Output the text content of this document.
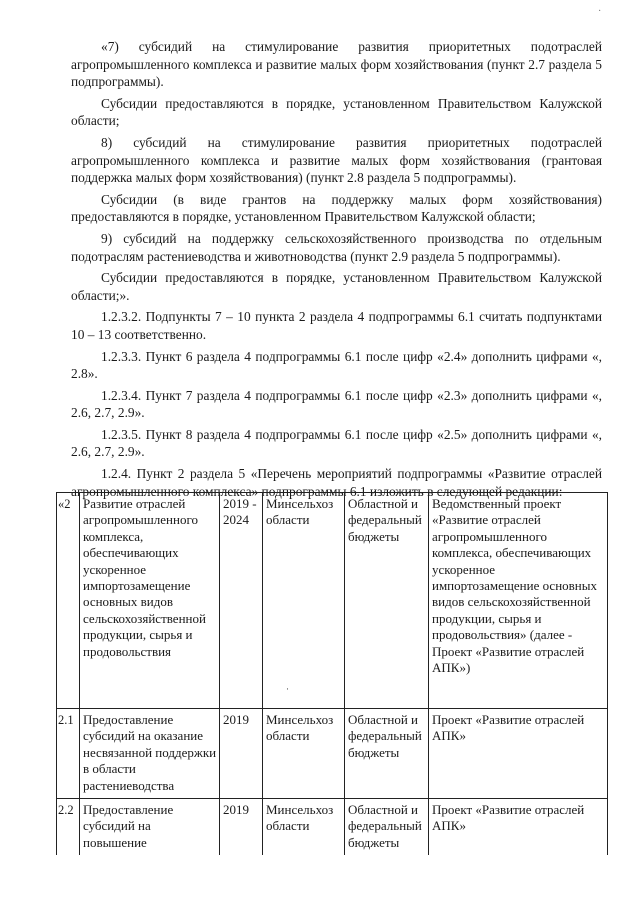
·

«7) субсидий на стимулирование развития приоритетных подотраслей агропромышленного комплекса и развитие малых форм хозяйствования (пункт 2.7 раздела 5 подпрограммы).

Субсидии предоставляются в порядке, установленном Правительством Калужской области;

8) субсидий на стимулирование развития приоритетных подотраслей агропромышленного комплекса и развитие малых форм хозяйствования (грантовая поддержка малых форм хозяйствования) (пункт 2.8 раздела 5 подпрограммы).

Субсидии (в виде грантов на поддержку малых форм хозяйствования) предоставляются в порядке, установленном Правительством Калужской области;

9) субсидий на поддержку сельскохозяйственного производства по отдельным подотраслям растениеводства и животноводства (пункт 2.9 раздела 5 подпрограммы).

Субсидии предоставляются в порядке, установленном Правительством Калужской области;».

1.2.3.2. Подпункты 7 – 10 пункта 2 раздела 4 подпрограммы 6.1 считать подпунктами 10 – 13 соответственно.

1.2.3.3. Пункт 6 раздела 4 подпрограммы 6.1 после цифр «2.4» дополнить цифрами «, 2.8».

1.2.3.4. Пункт 7 раздела 4 подпрограммы 6.1 после цифр «2.3» дополнить цифрами «, 2.6, 2.7, 2.9».

1.2.3.5. Пункт 8 раздела 4 подпрограммы 6.1 после цифр «2.5» дополнить цифрами «, 2.6, 2.7, 2.9».

1.2.4. Пункт 2 раздела 5 «Перечень мероприятий подпрограммы «Развитие отраслей агропромышленного комплекса» подпрограммы 6.1 изложить в следующей редакции:

«2	Развитие отраслей агропромышленного комплекса, обеспечивающих ускоренное импортозамещение основных видов сельскохозяйственной продукции, сырья и продовольствия	2019 - 2024	Минсельхоз области	Областной и федеральный бюджеты	Ведомственный проект «Развитие отраслей агропромышленного комплекса, обеспечивающих ускоренное импортозамещение основных видов сельскохозяйственной продукции, сырья и продовольствия» (далее - Проект «Развитие отраслей АПК»)
2.1	Предоставление субсидий на оказание несвязанной поддержки в области растениеводства	2019	Минсельхоз области	Областной и федеральный бюджеты	Проект «Развитие отраслей АПК»
2.2	Предоставление субсидий на повышение	2019	Минсельхоз области	Областной и федеральный бюджеты	Проект «Развитие отраслей АПК»
·
